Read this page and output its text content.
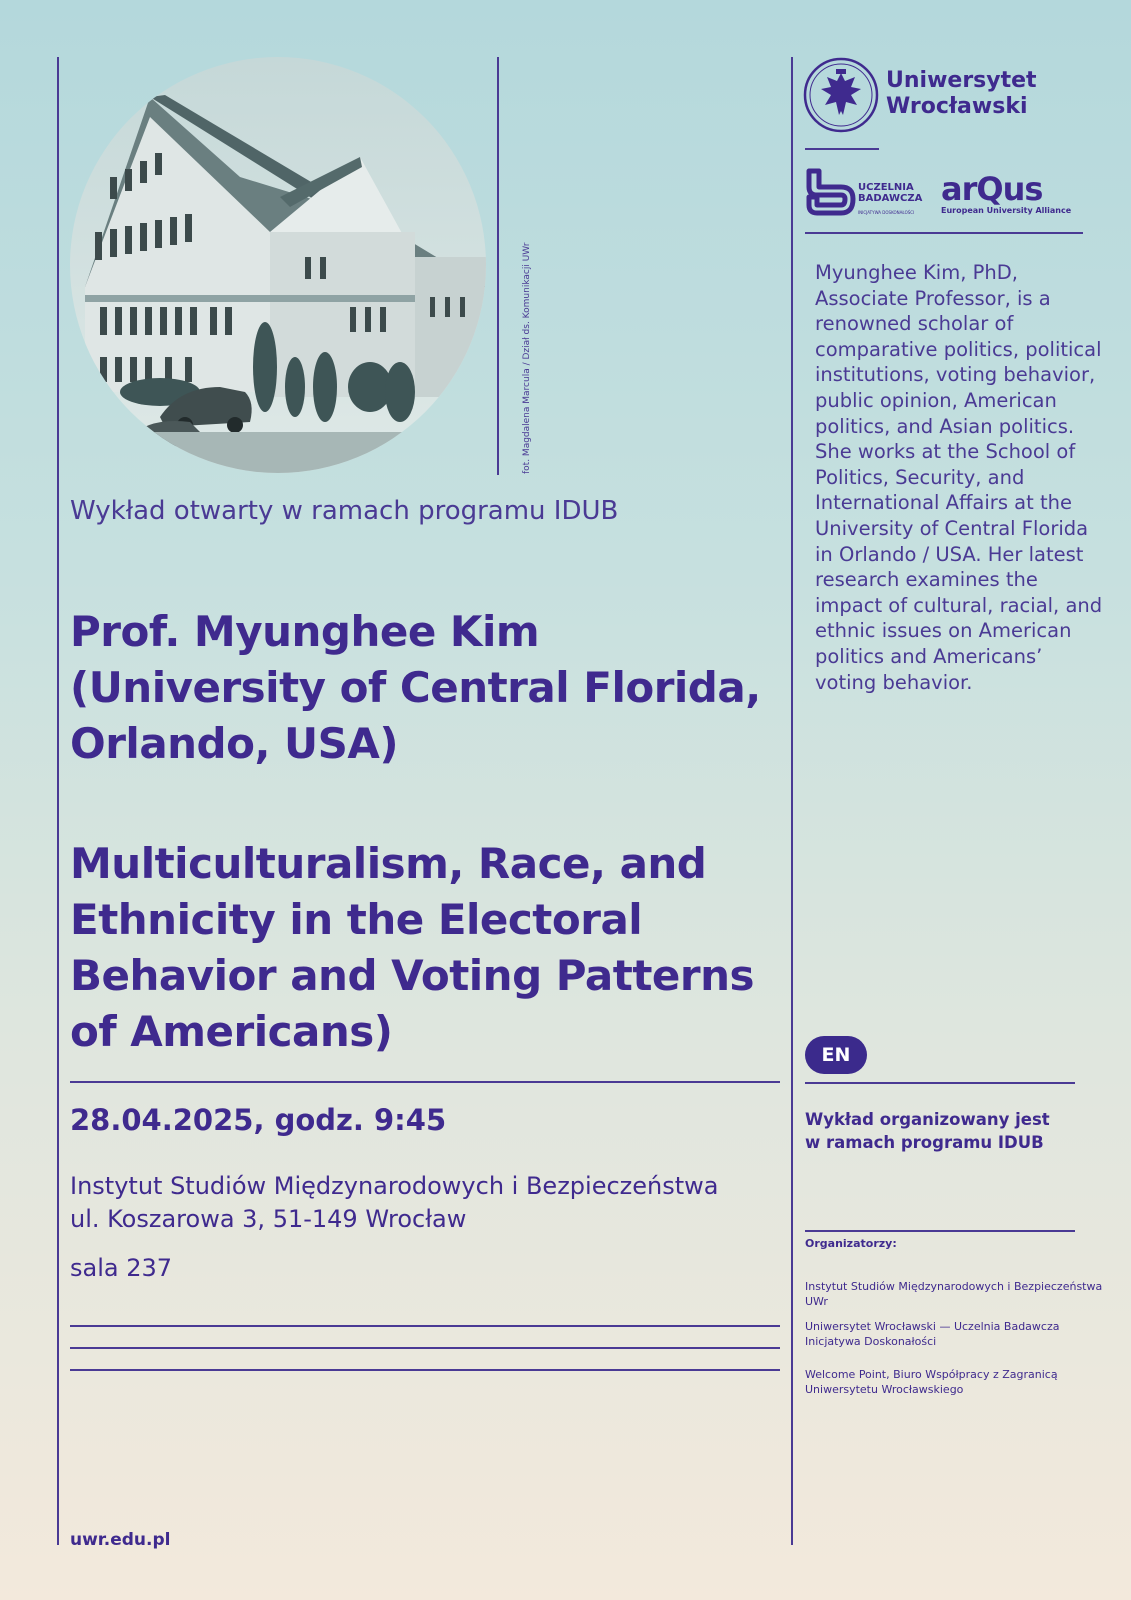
fot. Magdalena Marcula / Dział ds. Komunikacji UWr
Wykład otwarty w ramach programu IDUB
Prof. Myunghee Kim
(University of Central Florida,
Orlando, USA)
Multiculturalism, Race, and
Ethnicity in the Electoral
Behavior and Voting Patterns
of Americans)
28.04.2025, godz. 9:45
Instytut Studiów Międzynarodowych i Bezpieczeństwa
ul. Koszarowa 3, 51-149 Wrocław
sala 237
uwr.edu.pl
Uniwersytet
Wrocławski
UCZELNIA
BADAWCZA
INICJATYWA DOSKONAŁOŚCI
arQus
European University Alliance
Myunghee Kim, PhD, Associate Professor, is a renowned scholar of comparative politics, political institutions, voting behavior, public opinion, American politics, and Asian politics. She works at the School of Politics, Security, and International Affairs at the University of Central Florida in Orlando / USA. Her latest research examines the impact of cultural, racial, and ethnic issues on American politics and Americans’ voting behavior.
EN
Wykład organizowany jest w ramach programu IDUB
Organizatorzy:
Instytut Studiów Międzynarodowych i Bezpieczeństwa UWr
Uniwersytet Wrocławski — Uczelnia Badawcza Inicjatywa Doskonałości
Welcome Point, Biuro Współpracy z Zagranicą Uniwersytetu Wrocławskiego
